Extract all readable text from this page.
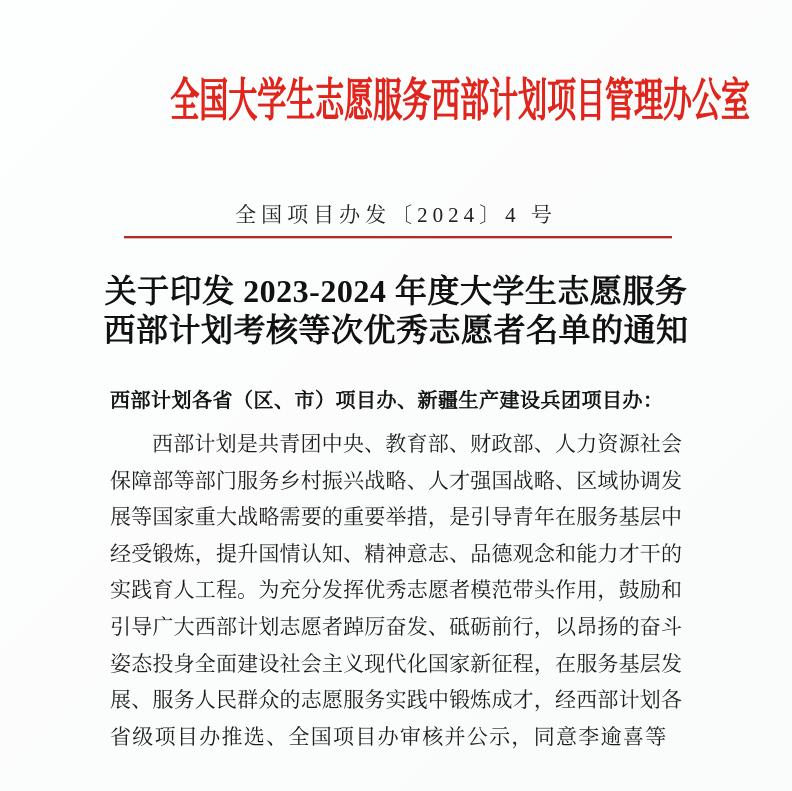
全国大学生志愿服务西部计划项目管理办公室
全国项目办发〔2024〕4 号
关于印发 2023-2024 年度大学生志愿服务
西部计划考核等次优秀志愿者名单的通知

西部计划各省（区、市）项目办、新疆生产建设兵团项目办：

西部计划是共青团中央、教育部、财政部、人力资源社会
保障部等部门服务乡村振兴战略、人才强国战略、区域协调发
展等国家重大战略需要的重要举措，是引导青年在服务基层中
经受锻炼，提升国情认知、精神意志、品德观念和能力才干的
实践育人工程。为充分发挥优秀志愿者模范带头作用，鼓励和
引导广大西部计划志愿者踔厉奋发、砥砺前行，以昂扬的奋斗
姿态投身全面建设社会主义现代化国家新征程，在服务基层发
展、服务人民群众的志愿服务实践中锻炼成才，经西部计划各
省级项目办推选、全国项目办审核并公示，同意李逾喜等
